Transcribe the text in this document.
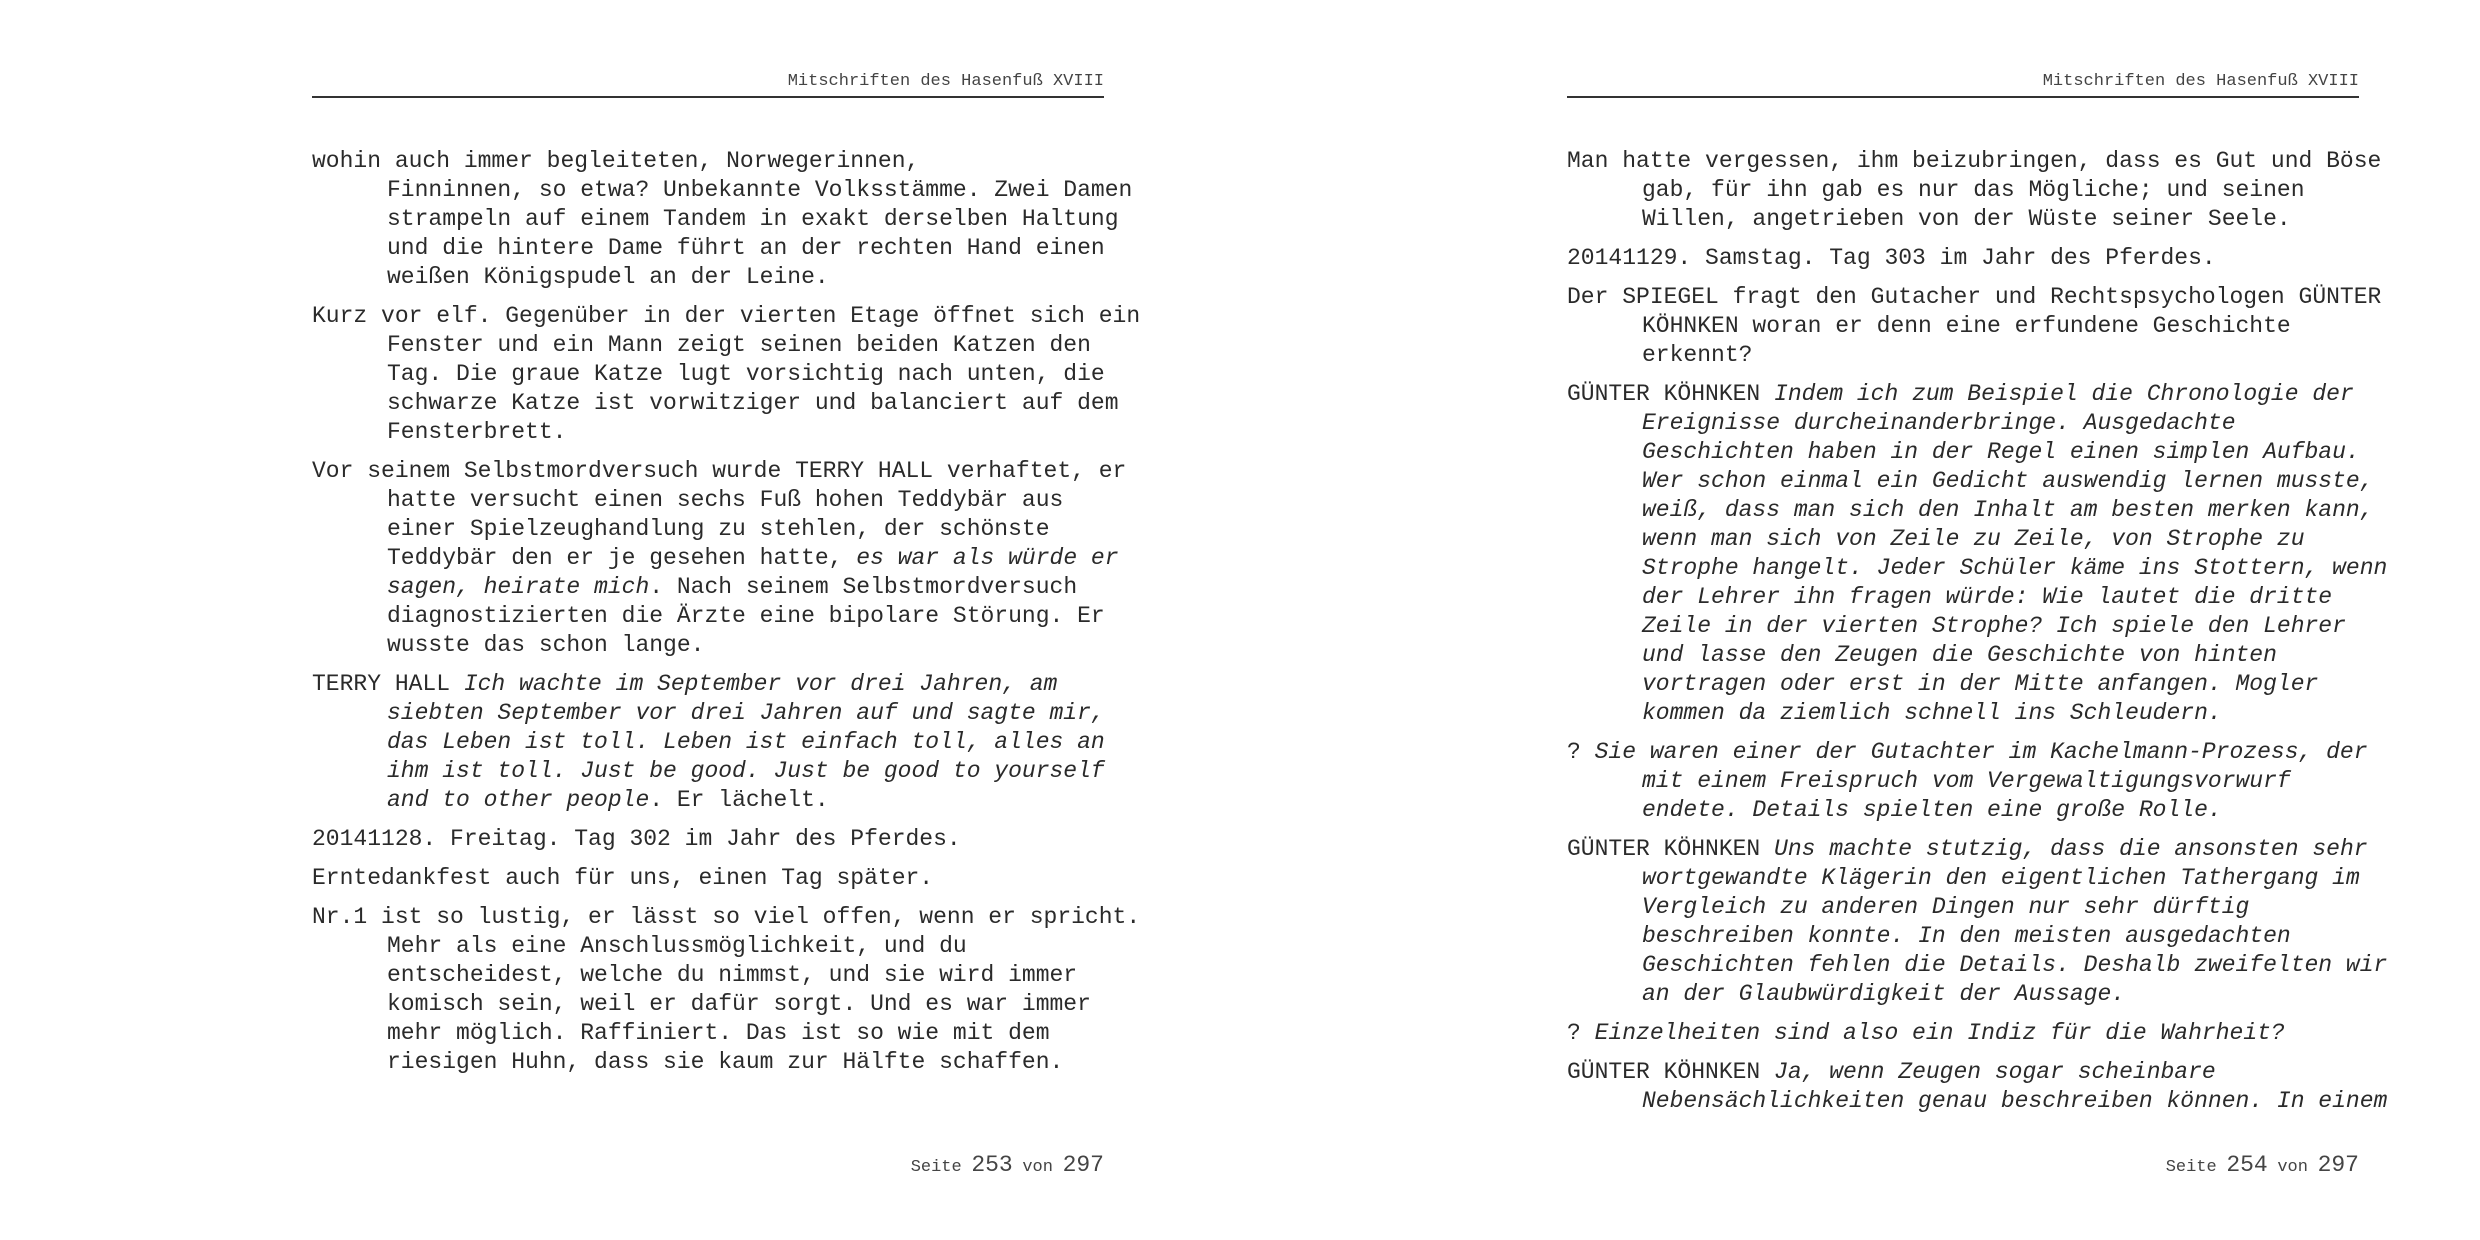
Mitschriften des Hasenfuß XVIII

wohin auch immer begleiteten, Norwegerinnen,
Finninnen, so etwa? Unbekannte Volksstämme. Zwei Damen
strampeln auf einem Tandem in exakt derselben Haltung
und die hintere Dame führt an der rechten Hand einen
weißen Königspudel an der Leine.

Kurz vor elf. Gegenüber in der vierten Etage öffnet sich ein
Fenster und ein Mann zeigt seinen beiden Katzen den
Tag. Die graue Katze lugt vorsichtig nach unten, die
schwarze Katze ist vorwitziger und balanciert auf dem
Fensterbrett.

Vor seinem Selbstmordversuch wurde TERRY HALL verhaftet, er
hatte versucht einen sechs Fuß hohen Teddybär aus
einer Spielzeughandlung zu stehlen, der schönste
Teddybär den er je gesehen hatte, es war als würde er
sagen, heirate mich. Nach seinem Selbstmordversuch
diagnostizierten die Ärzte eine bipolare Störung. Er
wusste das schon lange.

TERRY HALL Ich wachte im September vor drei Jahren, am
siebten September vor drei Jahren auf und sagte mir,
das Leben ist toll. Leben ist einfach toll, alles an
ihm ist toll. Just be good. Just be good to yourself
and to other people. Er lächelt.

20141128. Freitag. Tag 302 im Jahr des Pferdes.

Erntedankfest auch für uns, einen Tag später.

Nr.1 ist so lustig, er lässt so viel offen, wenn er spricht.
Mehr als eine Anschlussmöglichkeit, und du
entscheidest, welche du nimmst, und sie wird immer
komisch sein, weil er dafür sorgt. Und es war immer
mehr möglich. Raffiniert. Das ist so wie mit dem
riesigen Huhn, dass sie kaum zur Hälfte schaffen.

Seite 253 von 297
Mitschriften des Hasenfuß XVIII

Man hatte vergessen, ihm beizubringen, dass es Gut und Böse
gab, für ihn gab es nur das Mögliche; und seinen
Willen, angetrieben von der Wüste seiner Seele.

20141129. Samstag. Tag 303 im Jahr des Pferdes.

Der SPIEGEL fragt den Gutacher und Rechtspsychologen GÜNTER
KÖHNKEN woran er denn eine erfundene Geschichte
erkennt?

GÜNTER KÖHNKEN Indem ich zum Beispiel die Chronologie der
Ereignisse durcheinanderbringe. Ausgedachte
Geschichten haben in der Regel einen simplen Aufbau.
Wer schon einmal ein Gedicht auswendig lernen musste,
weiß, dass man sich den Inhalt am besten merken kann,
wenn man sich von Zeile zu Zeile, von Strophe zu
Strophe hangelt. Jeder Schüler käme ins Stottern, wenn
der Lehrer ihn fragen würde: Wie lautet die dritte
Zeile in der vierten Strophe? Ich spiele den Lehrer
und lasse den Zeugen die Geschichte von hinten
vortragen oder erst in der Mitte anfangen. Mogler
kommen da ziemlich schnell ins Schleudern.

? Sie waren einer der Gutachter im Kachelmann-Prozess, der
mit einem Freispruch vom Vergewaltigungsvorwurf
endete. Details spielten eine große Rolle.

GÜNTER KÖHNKEN Uns machte stutzig, dass die ansonsten sehr
wortgewandte Klägerin den eigentlichen Tathergang im
Vergleich zu anderen Dingen nur sehr dürftig
beschreiben konnte. In den meisten ausgedachten
Geschichten fehlen die Details. Deshalb zweifelten wir
an der Glaubwürdigkeit der Aussage.

? Einzelheiten sind also ein Indiz für die Wahrheit?

GÜNTER KÖHNKEN Ja, wenn Zeugen sogar scheinbare
Nebensächlichkeiten genau beschreiben können. In einem

Seite 254 von 297
